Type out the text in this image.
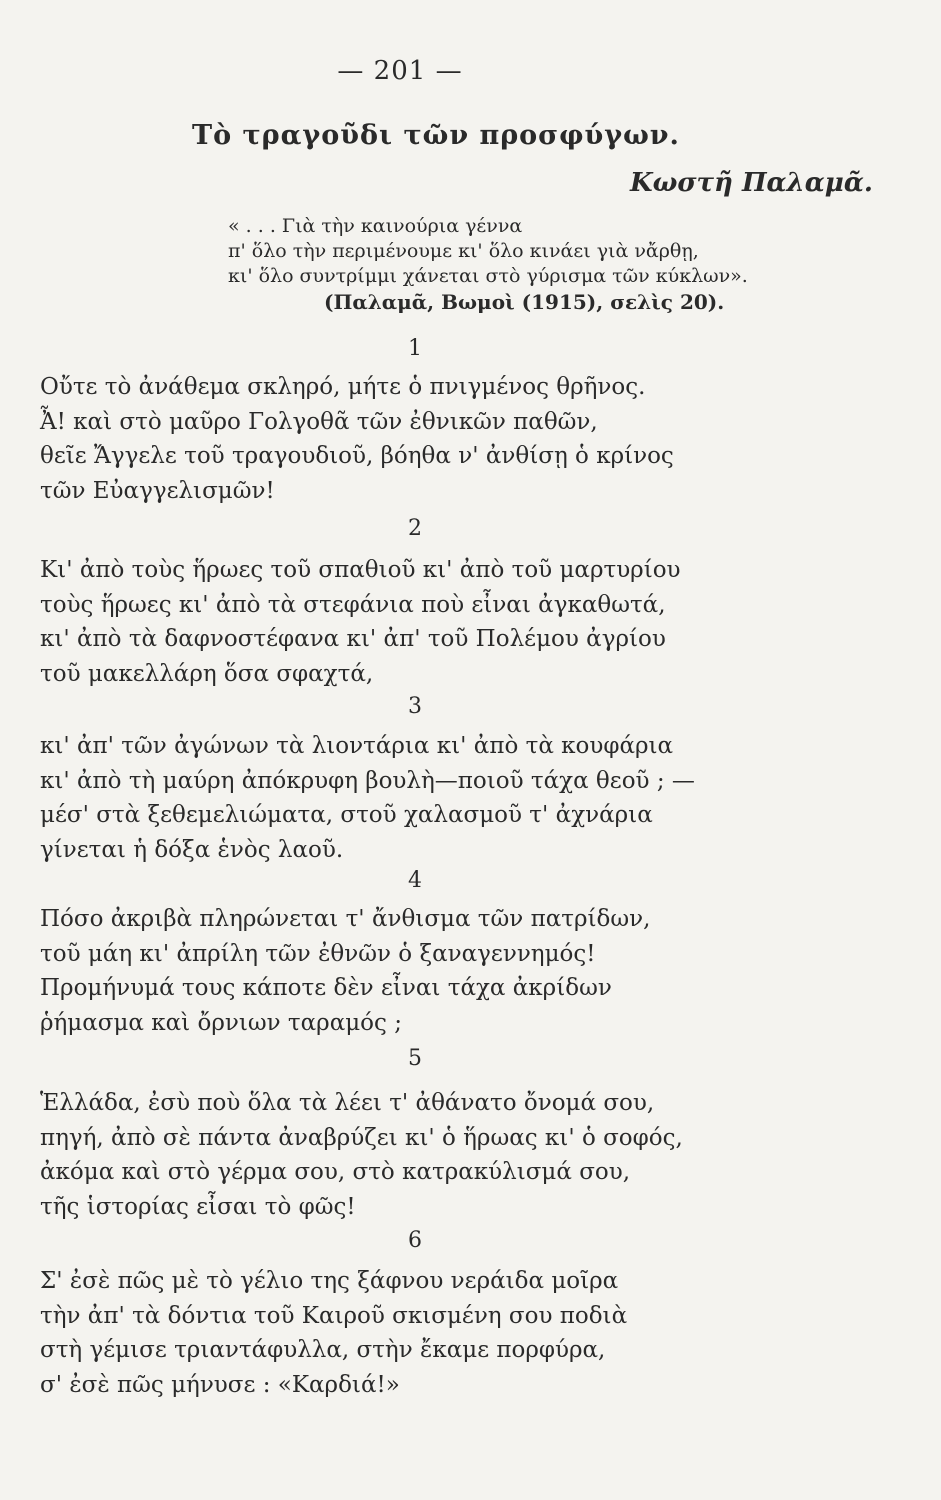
— 201 —
Τὸ τραγοῦδι τῶν προσφύγων.
Κωστῆ Παλαμᾶ.
« . . . Γιὰ τὴν καινούρια γέννα
π' ὅλο τὴν περιμένουμε κι' ὅλο κινάει γιὰ νἄρθῃ,
κι' ὅλο συντρίμμι χάνεται στὸ γύρισμα τῶν κύκλων».
(Παλαμᾶ, Βωμοὶ (1915), σελὶς 20).
1
Οὔτε τὸ ἀνάθεμα σκληρό, μήτε ὁ πνιγμένος θρῆνος.
Ἆ! καὶ στὸ μαῦρο Γολγοθᾶ τῶν ἐθνικῶν παθῶν,
θεῖε Ἄγγελε τοῦ τραγουδιοῦ, βόηθα ν' ἀνθίσῃ ὁ κρίνος
τῶν Εὐαγγελισμῶν!
2
Κι' ἀπὸ τοὺς ἥρωες τοῦ σπαθιοῦ κι' ἀπὸ τοῦ μαρτυρίου
τοὺς ἥρωες κι' ἀπὸ τὰ στεφάνια ποὺ εἶναι ἀγκαθωτά,
κι' ἀπὸ τὰ δαφνοστέφανα κι' ἀπ' τοῦ Πολέμου ἀγρίου
τοῦ μακελλάρη ὅσα σφαχτά,
3
κι' ἀπ' τῶν ἀγώνων τὰ λιοντάρια κι' ἀπὸ τὰ κουφάρια
κι' ἀπὸ τὴ μαύρη ἀπόκρυφη βουλὴ—ποιοῦ τάχα θεοῦ ; —
μέσ' στὰ ξεθεμελιώματα, στοῦ χαλασμοῦ τ' ἀχνάρια
γίνεται ἡ δόξα ἑνὸς λαοῦ.
4
Πόσο ἀκριβὰ πληρώνεται τ' ἄνθισμα τῶν πατρίδων,
τοῦ μάη κι' ἀπρίλη τῶν ἐθνῶν ὁ ξαναγεννημός!
Προμήνυμά τους κάποτε δὲν εἶναι τάχα ἀκρίδων
ῥήμασμα καὶ ὄρνιων ταραμός ;
5
Ἑλλάδα, ἐσὺ ποὺ ὅλα τὰ λέει τ' ἀθάνατο ὄνομά σου,
πηγή, ἀπὸ σὲ πάντα ἀναβρύζει κι' ὁ ἥρωας κι' ὁ σοφός,
ἀκόμα καὶ στὸ γέρμα σου, στὸ κατρακύλισμά σου,
τῆς ἱστορίας εἶσαι τὸ φῶς!
6
Σ' ἐσὲ πῶς μὲ τὸ γέλιο της ξάφνου νεράιδα μοῖρα
τὴν ἀπ' τὰ δόντια τοῦ Καιροῦ σκισμένη σου ποδιὰ
στὴ γέμισε τριαντάφυλλα, στὴν ἔκαμε πορφύρα,
σ' ἐσὲ πῶς μήνυσε : «Καρδιά!»
